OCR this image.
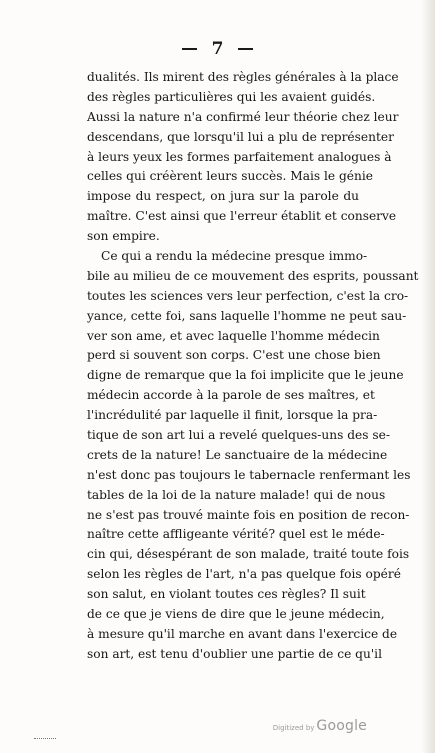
7
dualités. Ils mirent des règles générales à la place
des règles particulières qui les avaient guidés.
Aussi la nature n'a confirmé leur théorie chez leur
descendans, que lorsqu'il lui a plu de représenter
à leurs yeux les formes parfaitement analogues à
celles qui créèrent leurs succès. Mais le génie
impose du respect, on jura sur la parole du
maître. C'est ainsi que l'erreur établit et conserve
son empire.
Ce qui a rendu la médecine presque immo-
bile au milieu de ce mouvement des esprits, poussant
toutes les sciences vers leur perfection, c'est la cro-
yance, cette foi, sans laquelle l'homme ne peut sau-
ver son ame, et avec laquelle l'homme médecin
perd si souvent son corps. C'est une chose bien
digne de remarque que la foi implicite que le jeune
médecin accorde à la parole de ses maîtres, et
l'incrédulité par laquelle il finit, lorsque la pra-
tique de son art lui a revelé quelques-uns des se-
crets de la nature! Le sanctuaire de la médecine
n'est donc pas toujours le tabernacle renfermant les
tables de la loi de la nature malade! qui de nous
ne s'est pas trouvé mainte fois en position de recon-
naître cette affligeante vérité? quel est le méde-
cin qui, désespérant de son malade, traité toute fois
selon les règles de l'art, n'a pas quelque fois opéré
son salut, en violant toutes ces règles? Il suit
de ce que je viens de dire que le jeune médecin,
à mesure qu'il marche en avant dans l'exercice de
son art, est tenu d'oublier une partie de ce qu'il
Digitized by Google
